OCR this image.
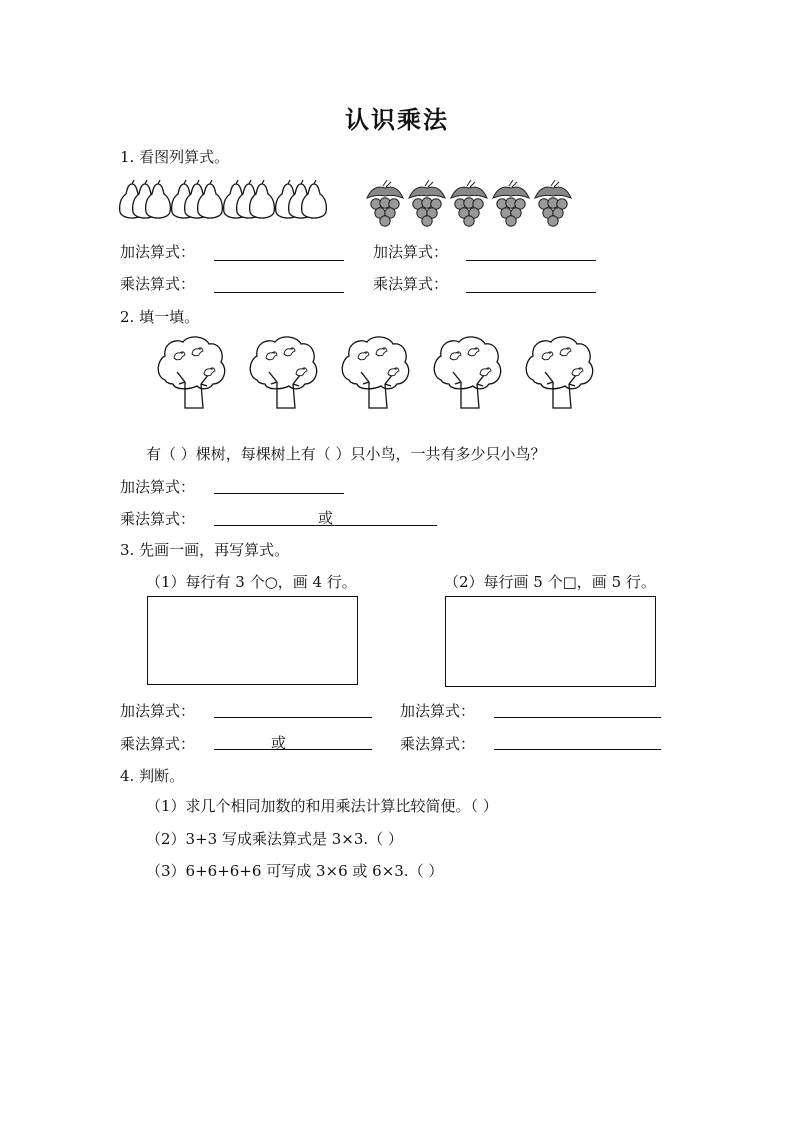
认识乘法
1. 看图列算式。
加法算式：	加法算式：
乘法算式：	乘法算式：
2. 填一填。
有（ ）棵树，每棵树上有（ ）只小鸟，一共有多少只小鸟？
加法算式：
乘法算式：	或
3. 先画一画，再写算式。
（1）每行有 3 个○，画 4 行。	（2）每行画 5 个□，画 5 行。
加法算式：	加法算式：
乘法算式：	或	乘法算式：
4. 判断。
（1）求几个相同加数的和用乘法计算比较简便。（ ）
（2）3+3 写成乘法算式是 3×3.（ ）
（3）6+6+6+6 可写成 3×6 或 6×3.（ ）
